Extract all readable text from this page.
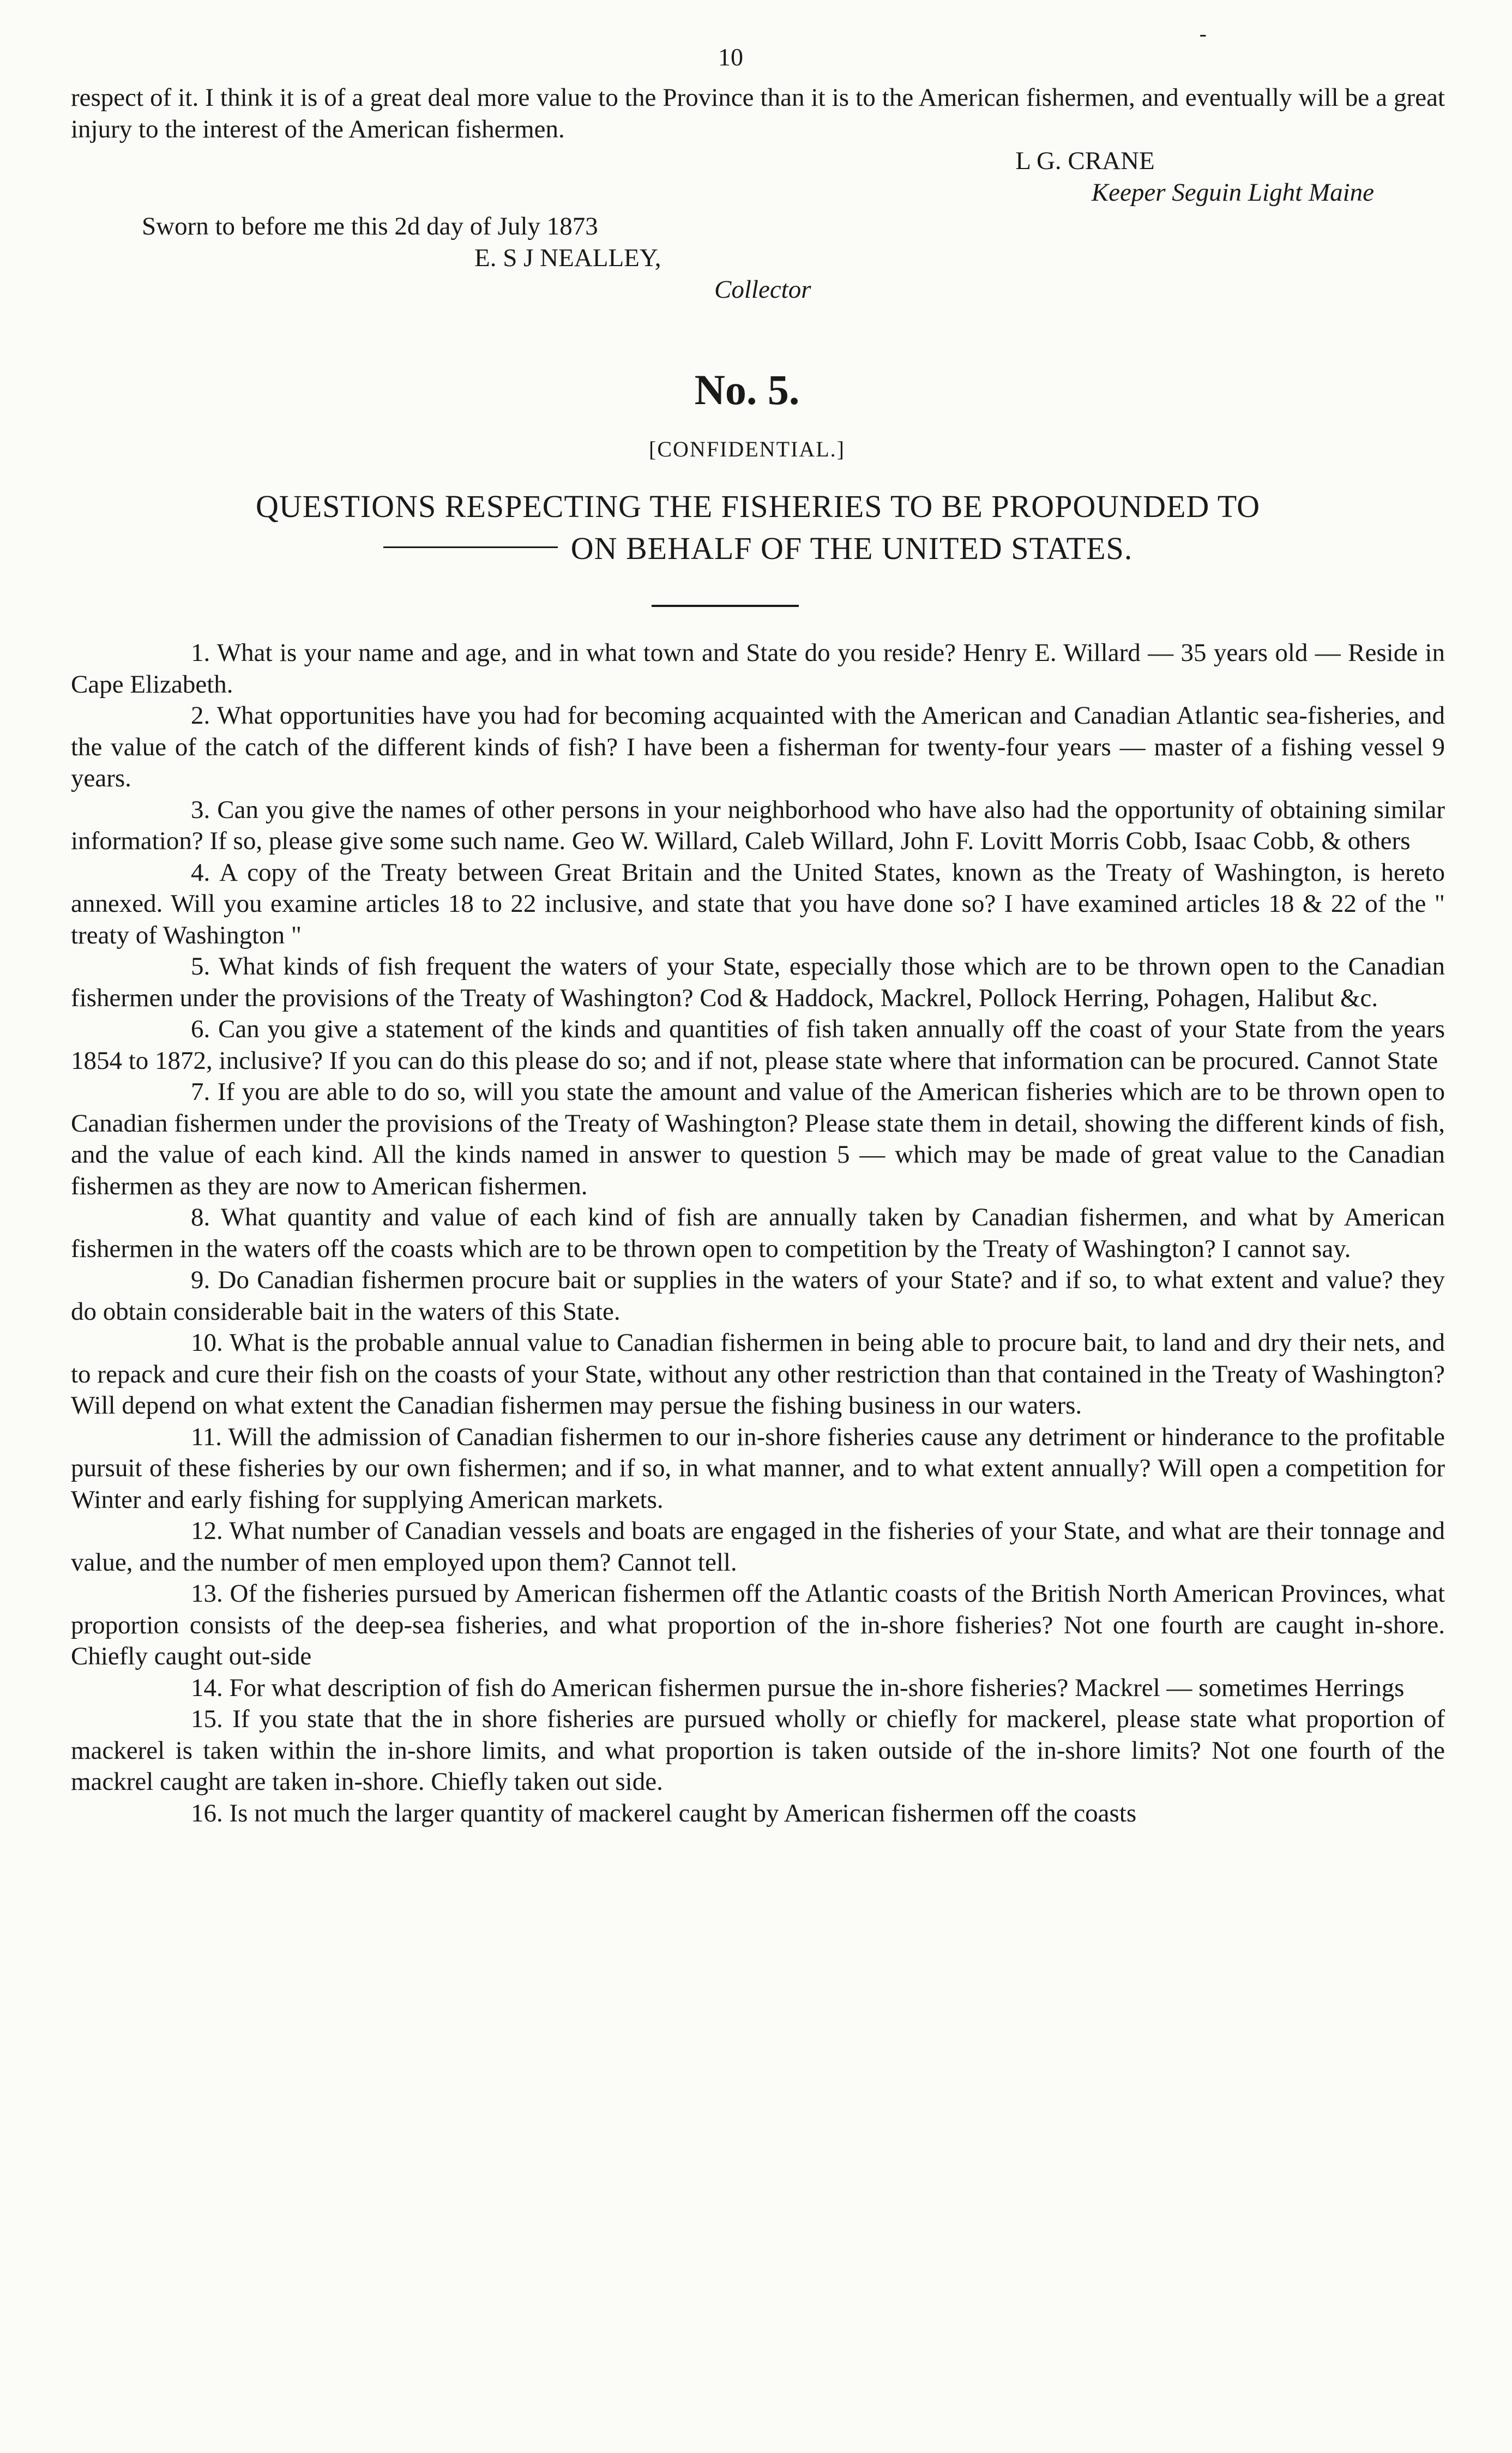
-
10

respect of it. I think it is of a great deal more value to the Province than it is to the American fishermen, and eventually will be a great injury to the interest of the American fishermen.

L G. CRANE
Keeper Seguin Light Maine
Sworn to before me this 2d day of July 1873
E. S J NEALLEY,
Collector
No. 5.
[CONFIDENTIAL.]
QUESTIONS RESPECTING THE FISHERIES TO BE PROPOUNDED TO
ON BEHALF OF THE UNITED STATES.

1. What is your name and age, and in what town and State do you reside? Henry E. Willard — 35 years old — Reside in Cape Elizabeth.

2. What opportunities have you had for becoming acquainted with the American and Canadian Atlantic sea-fisheries, and the value of the catch of the different kinds of fish? I have been a fisherman for twenty-four years — master of a fishing vessel 9 years.

3. Can you give the names of other persons in your neighborhood who have also had the opportunity of obtaining similar information? If so, please give some such name. Geo W. Willard, Caleb Willard, John F. Lovitt Morris Cobb, Isaac Cobb, & others

4. A copy of the Treaty between Great Britain and the United States, known as the Treaty of Washington, is hereto annexed. Will you examine articles 18 to 22 inclusive, and state that you have done so? I have examined articles 18 & 22 of the " treaty of Washington "

5. What kinds of fish frequent the waters of your State, especially those which are to be thrown open to the Canadian fishermen under the provisions of the Treaty of Washington? Cod & Haddock, Mackrel, Pollock Herring, Pohagen, Halibut &c.

6. Can you give a statement of the kinds and quantities of fish taken annually off the coast of your State from the years 1854 to 1872, inclusive? If you can do this please do so; and if not, please state where that information can be procured. Cannot State

7. If you are able to do so, will you state the amount and value of the American fisheries which are to be thrown open to Canadian fishermen under the provisions of the Treaty of Washington? Please state them in detail, showing the different kinds of fish, and the value of each kind. All the kinds named in answer to question 5 — which may be made of great value to the Canadian fishermen as they are now to American fishermen.

8. What quantity and value of each kind of fish are annually taken by Canadian fishermen, and what by American fishermen in the waters off the coasts which are to be thrown open to competition by the Treaty of Washington? I cannot say.

9. Do Canadian fishermen procure bait or supplies in the waters of your State? and if so, to what extent and value? they do obtain considerable bait in the waters of this State.

10. What is the probable annual value to Canadian fishermen in being able to procure bait, to land and dry their nets, and to repack and cure their fish on the coasts of your State, without any other restriction than that contained in the Treaty of Washington? Will depend on what extent the Canadian fishermen may persue the fishing business in our waters.

11. Will the admission of Canadian fishermen to our in-shore fisheries cause any detriment or hinderance to the profitable pursuit of these fisheries by our own fishermen; and if so, in what manner, and to what extent annually? Will open a competition for Winter and early fishing for supplying American markets.

12. What number of Canadian vessels and boats are engaged in the fisheries of your State, and what are their tonnage and value, and the number of men employed upon them? Cannot tell.

13. Of the fisheries pursued by American fishermen off the Atlantic coasts of the British North American Provinces, what proportion consists of the deep-sea fisheries, and what proportion of the in-shore fisheries? Not one fourth are caught in-shore. Chiefly caught out-side

14. For what description of fish do American fishermen pursue the in-shore fisheries? Mackrel — sometimes Herrings

15. If you state that the in shore fisheries are pursued wholly or chiefly for mackerel, please state what proportion of mackerel is taken within the in-shore limits, and what proportion is taken outside of the in-shore limits? Not one fourth of the mackrel caught are taken in-shore. Chiefly taken out side.

16. Is not much the larger quantity of mackerel caught by American fishermen off the coasts
